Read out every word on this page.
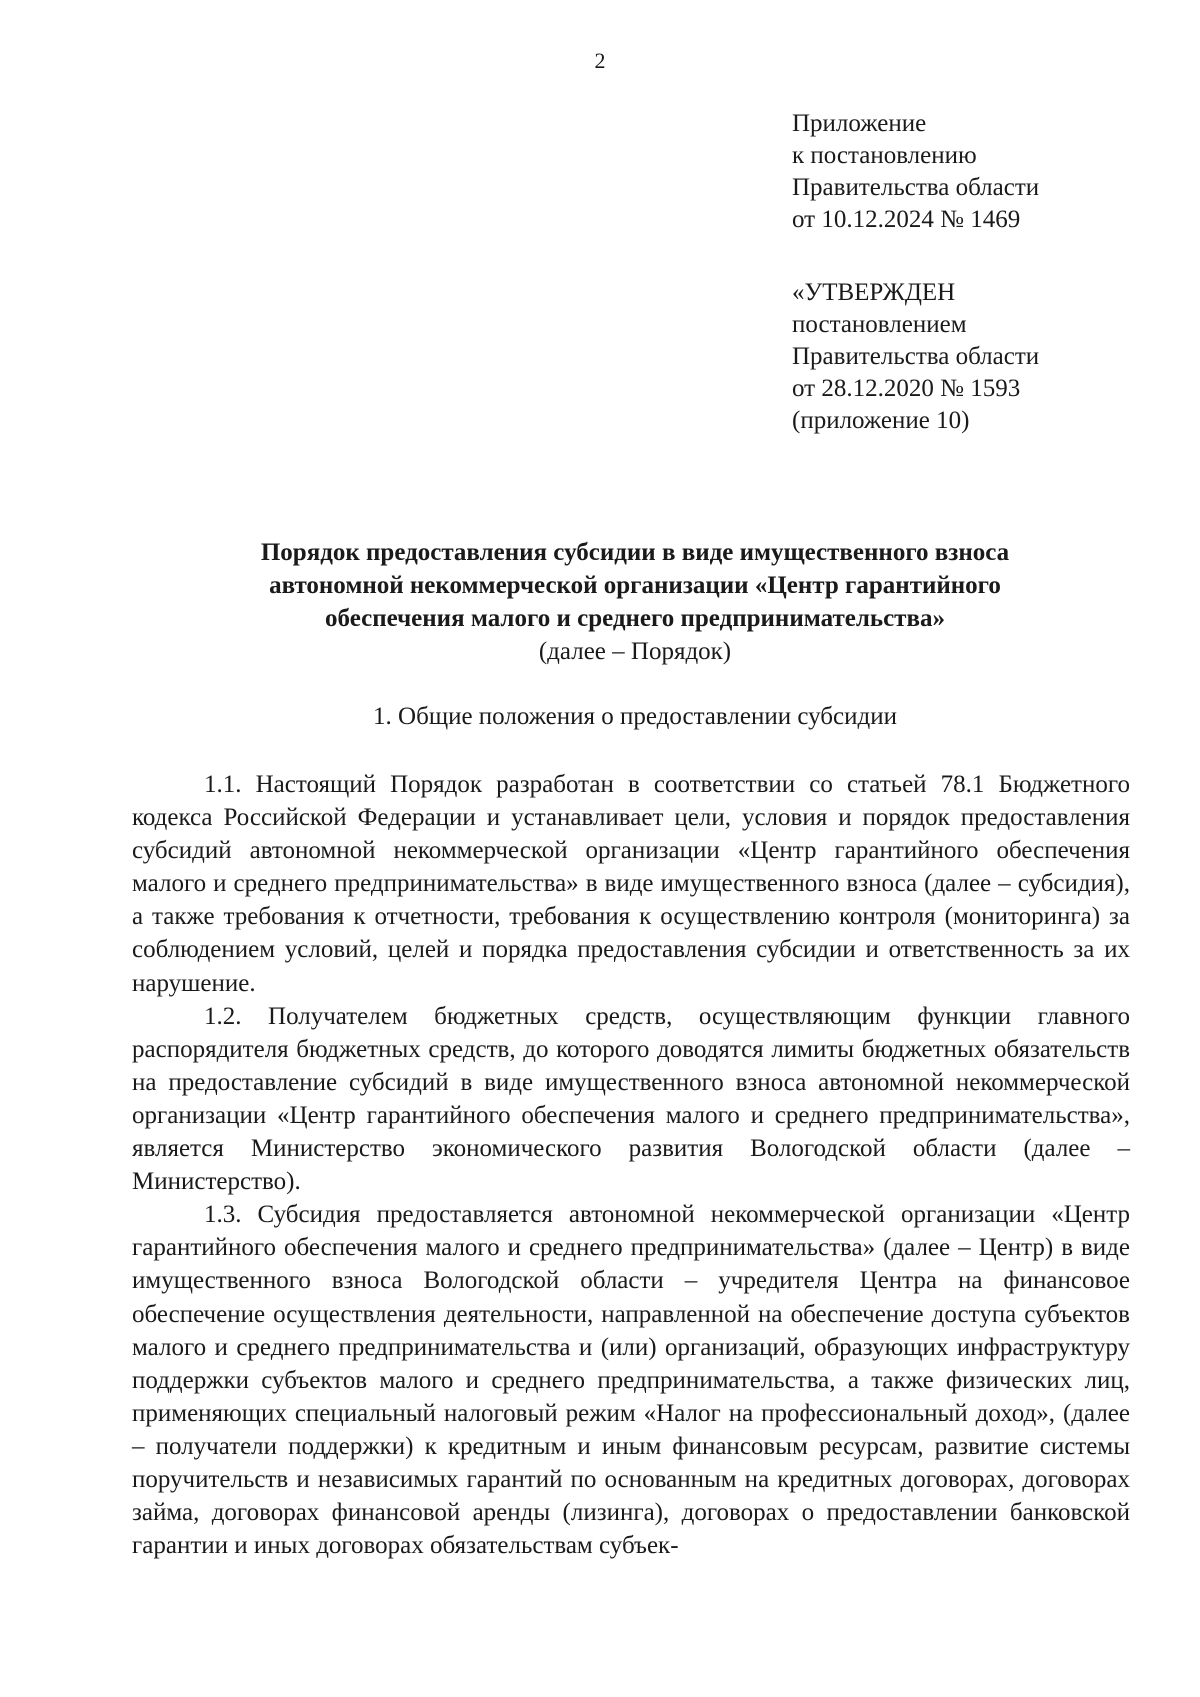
2
Приложение
к постановлению
Правительства области
от 10.12.2024 № 1469
«УТВЕРЖДЕН
постановлением
Правительства области
от 28.12.2020 № 1593
(приложение 10)
Порядок предоставления субсидии в виде имущественного взноса
автономной некоммерческой организации «Центр гарантийного
обеспечения малого и среднего предпринимательства»
(далее – Порядок)
1. Общие положения о предоставлении субсидии

1.1. Настоящий Порядок разработан в соответствии со статьей 78.1 Бюджетного кодекса Российской Федерации и устанавливает цели, условия и порядок предоставления субсидий автономной некоммерческой организации «Центр гарантийного обеспечения малого и среднего предпринимательства» в виде имущественного взноса (далее – субсидия), а также требования к отчетности, требования к осуществлению контроля (мониторинга) за соблюдением условий, целей и порядка предоставления субсидии и ответственность за их нарушение.

1.2. Получателем бюджетных средств, осуществляющим функции главного распорядителя бюджетных средств, до которого доводятся лимиты бюджетных обязательств на предоставление субсидий в виде имущественного взноса автономной некоммерческой организации «Центр гарантийного обеспечения малого и среднего предпринимательства», является Министерство экономического развития Вологодской области (далее – Министерство).

1.3. Субсидия предоставляется автономной некоммерческой организации «Центр гарантийного обеспечения малого и среднего предпринимательства» (далее – Центр) в виде имущественного взноса Вологодской области – учредителя Центра на финансовое обеспечение осуществления деятельности, направленной на обеспечение доступа субъектов малого и среднего предпринимательства и (или) организаций, образующих инфраструктуру поддержки субъектов малого и среднего предпринимательства, а также физических лиц, применяющих специальный налоговый режим «Налог на профессиональный доход», (далее – получатели поддержки) к кредитным и иным финансовым ресурсам, развитие системы поручительств и независимых гарантий по основанным на кредитных договорах, договорах займа, договорах финансовой аренды (лизинга), договорах о предоставлении банковской гарантии и иных договорах обязательствам субъек-
